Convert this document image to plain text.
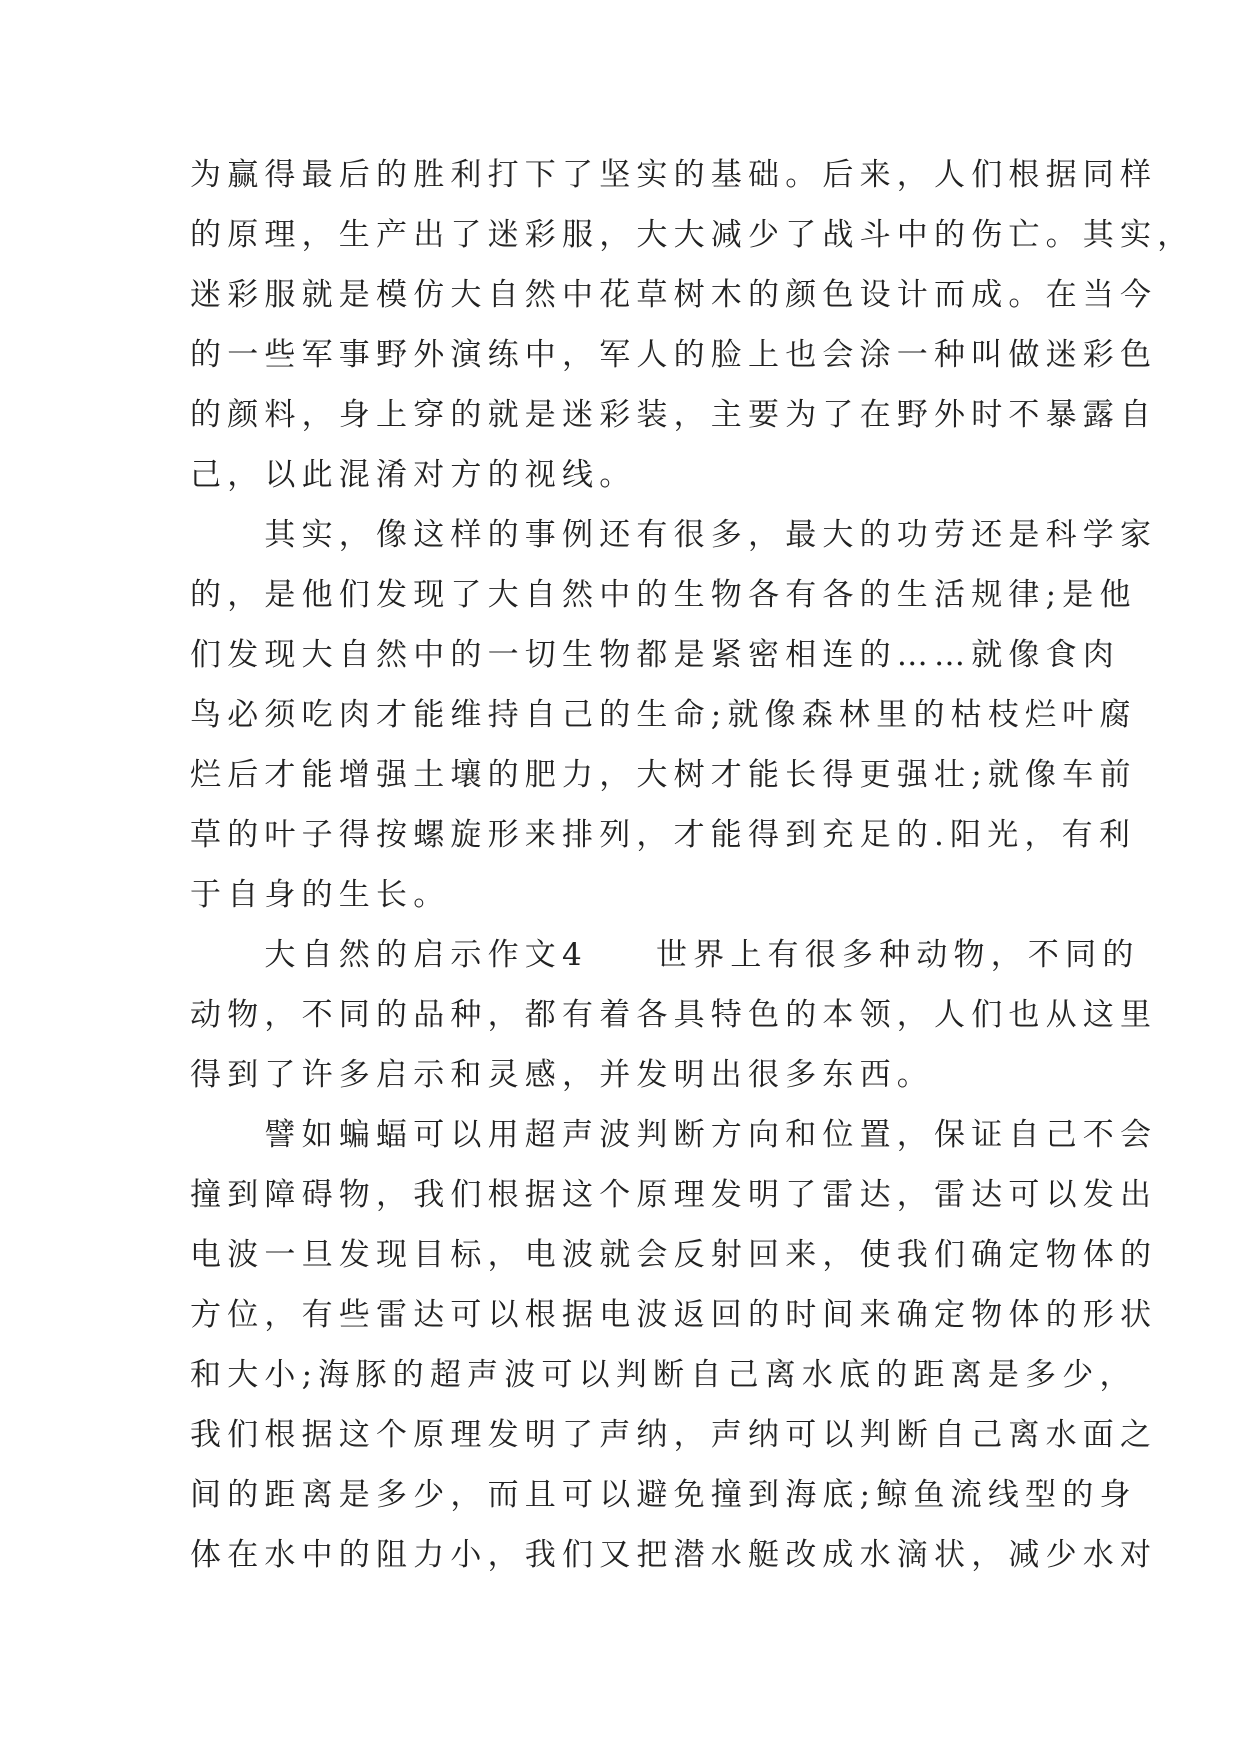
为赢得最后的胜利打下了坚实的基础。后来，人们根据同样
的原理，生产出了迷彩服，大大减少了战斗中的伤亡。其实，
迷彩服就是模仿大自然中花草树木的颜色设计而成。在当今
的一些军事野外演练中，军人的脸上也会涂一种叫做迷彩色
的颜料，身上穿的就是迷彩装，主要为了在野外时不暴露自
己，以此混淆对方的视线。
　　其实，像这样的事例还有很多，最大的功劳还是科学家
的，是他们发现了大自然中的生物各有各的生活规律;是他
们发现大自然中的一切生物都是紧密相连的……就像食肉
鸟必须吃肉才能维持自己的生命;就像森林里的枯枝烂叶腐
烂后才能增强土壤的肥力，大树才能长得更强壮;就像车前
草的叶子得按螺旋形来排列，才能得到充足的.阳光，有利
于自身的生长。
　　大自然的启示作文4 世界上有很多种动物，不同的
动物，不同的品种，都有着各具特色的本领，人们也从这里
得到了许多启示和灵感，并发明出很多东西。
　　譬如蝙蝠可以用超声波判断方向和位置，保证自己不会
撞到障碍物，我们根据这个原理发明了雷达，雷达可以发出
电波一旦发现目标，电波就会反射回来，使我们确定物体的
方位，有些雷达可以根据电波返回的时间来确定物体的形状
和大小;海豚的超声波可以判断自己离水底的距离是多少，
我们根据这个原理发明了声纳，声纳可以判断自己离水面之
间的距离是多少，而且可以避免撞到海底;鲸鱼流线型的身
体在水中的阻力小，我们又把潜水艇改成水滴状，减少水对
